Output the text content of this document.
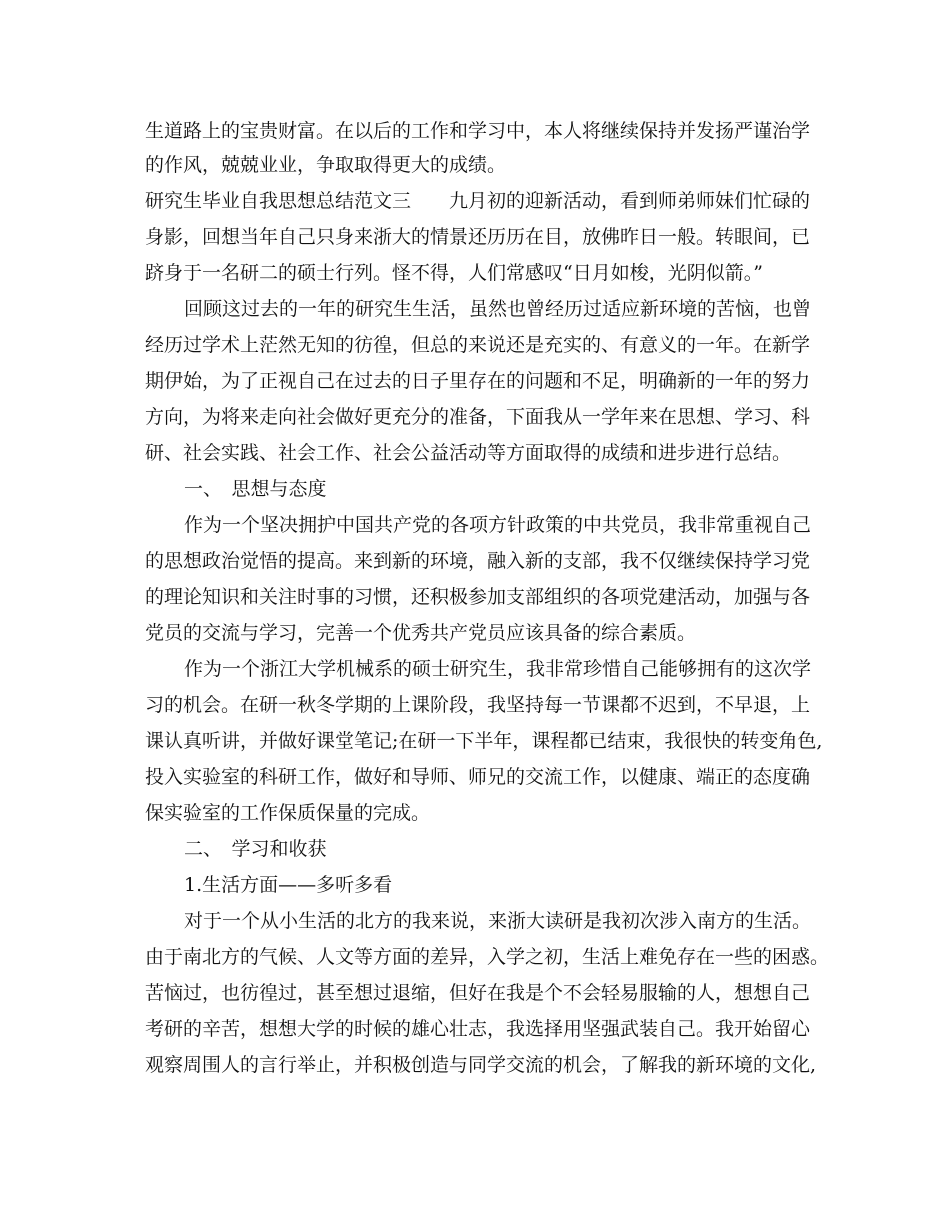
生道路上的宝贵财富。在以后的工作和学习中，本人将继续保持并发扬严谨治学
的作风，兢兢业业，争取取得更大的成绩。
研究生毕业自我思想总结范文三　　九月初的迎新活动，看到师弟师妹们忙碌的
身影，回想当年自己只身来浙大的情景还历历在目，放佛昨日一般。转眼间，已
跻身于一名研二的硕士行列。怪不得，人们常感叹“日月如梭，光阴似箭。”
回顾这过去的一年的研究生生活，虽然也曾经历过适应新环境的苦恼，也曾
经历过学术上茫然无知的彷徨，但总的来说还是充实的、有意义的一年。在新学
期伊始，为了正视自己在过去的日子里存在的问题和不足，明确新的一年的努力
方向，为将来走向社会做好更充分的准备，下面我从一学年来在思想、学习、科
研、社会实践、社会工作、社会公益活动等方面取得的成绩和进步进行总结。
一、　思想与态度
作为一个坚决拥护中国共产党的各项方针政策的中共党员，我非常重视自己
的思想政治觉悟的提高。来到新的环境，融入新的支部，我不仅继续保持学习党
的理论知识和关注时事的习惯，还积极参加支部组织的各项党建活动，加强与各
党员的交流与学习，完善一个优秀共产党员应该具备的综合素质。
作为一个浙江大学机械系的硕士研究生，我非常珍惜自己能够拥有的这次学
习的机会。在研一秋冬学期的上课阶段，我坚持每一节课都不迟到，不早退，上
课认真听讲，并做好课堂笔记;在研一下半年，课程都已结束，我很快的转变角色,
投入实验室的科研工作，做好和导师、师兄的交流工作，以健康、端正的态度确
保实验室的工作保质保量的完成。
二、　学习和收获
1.生活方面——多听多看
对于一个从小生活的北方的我来说，来浙大读研是我初次涉入南方的生活。
由于南北方的气候、人文等方面的差异，入学之初，生活上难免存在一些的困惑。
苦恼过，也彷徨过，甚至想过退缩，但好在我是个不会轻易服输的人，想想自己
考研的辛苦，想想大学的时候的雄心壮志，我选择用坚强武装自己。我开始留心
观察周围人的言行举止，并积极创造与同学交流的机会，了解我的新环境的文化,
